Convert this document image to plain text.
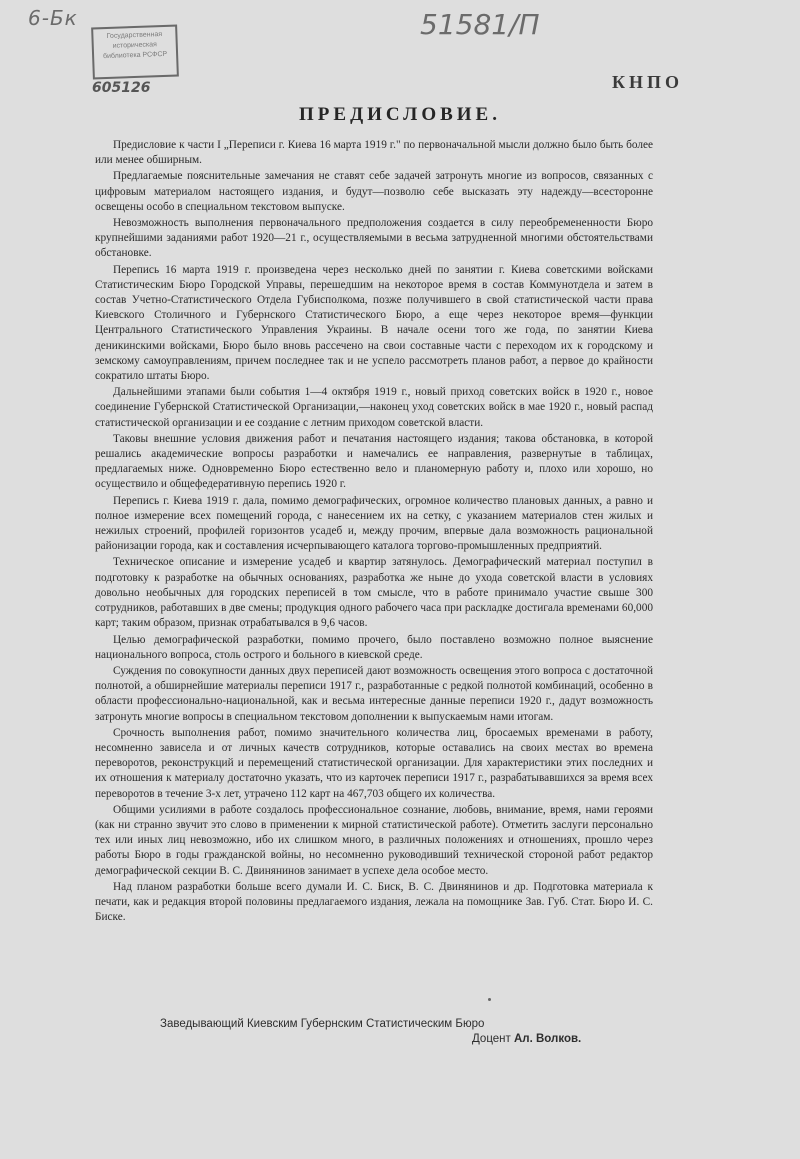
6-Бк	51581/П
Государственная историческая библиотека РСФСР
605126	КНПО
ПРЕДИСЛОВИЕ.

Предисловие к части I „Переписи г. Киева 16 марта 1919 г." по первоначальной мысли должно было быть более или менее обширным.

Предлагаемые пояснительные замечания не ставят себе задачей затронуть многие из вопросов, связанных с цифровым материалом настоящего издания, и будут—позволю себе высказать эту надежду—всесторонне освещены особо в специальном текстовом выпуске.

Невозможность выполнения первоначального предположения создается в силу переобремененности Бюро крупнейшими заданиями работ 1920—21 г., осуществляемыми в весьма затрудненной многими обстоятельствами обстановке.

Перепись 16 марта 1919 г. произведена через несколько дней по занятии г. Киева советскими войсками Статистическим Бюро Городской Управы, перешедшим на некоторое время в состав Коммунотдела и затем в состав Учетно-Статистического Отдела Губисполкома, позже получившего в свой статистической части права Киевского Столичного и Губернского Статистического Бюро, а еще через некоторое время—функции Центрального Статистического Управления Украины. В начале осени того же года, по занятии Киева деникинскими войсками, Бюро было вновь рассечено на свои составные части с переходом их к городскому и земскому самоуправлениям, причем последнее так и не успело рассмотреть планов работ, а первое до крайности сократило штаты Бюро.

Дальнейшими этапами были события 1—4 октября 1919 г., новый приход советских войск в 1920 г., новое соединение Губернской Статистической Организации,—наконец уход советских войск в мае 1920 г., новый распад статистической организации и ее создание с летним приходом советской власти.

Таковы внешние условия движения работ и печатания настоящего издания; такова обстановка, в которой решались академические вопросы разработки и намечались ее направления, развернутые в таблицах, предлагаемых ниже. Одновременно Бюро естественно вело и планомерную работу и, плохо или хорошо, но осуществило и общефедеративную перепись 1920 г.

Перепись г. Киева 1919 г. дала, помимо демографических, огромное количество плановых данных, а равно и полное измерение всех помещений города, с нанесением их на сетку, с указанием материалов стен жилых и нежилых строений, профилей горизонтов усадеб и, между прочим, впервые дала возможность рациональной районизации города, как и составления исчерпывающего каталога торгово-промышленных предприятий.

Техническое описание и измерение усадеб и квартир затянулось. Демографический материал поступил в подготовку к разработке на обычных основаниях, разработка же ныне до ухода советской власти в условиях довольно необычных для городских переписей в том смысле, что в работе принимало участие свыше 300 сотрудников, работавших в две смены; продукция одного рабочего часа при раскладке достигала временами 60,000 карт; таким образом, признак отрабатывался в 9,6 часов.

Целью демографической разработки, помимо прочего, было поставлено возможно полное выяснение национального вопроса, столь острого и больного в киевской среде.

Суждения по совокупности данных двух переписей дают возможность освещения этого вопроса с достаточной полнотой, а обширнейшие материалы переписи 1917 г., разработанные с редкой полнотой комбинаций, особенно в области профессионально-национальной, как и весьма интересные данные переписи 1920 г., дадут возможность затронуть многие вопросы в специальном текстовом дополнении к выпускаемым нами итогам.

Срочность выполнения работ, помимо значительного количества лиц, бросаемых временами в работу, несомненно зависела и от личных качеств сотрудников, которые оставались на своих местах во времена переворотов, реконструкций и перемещений статистической организации. Для характеристики этих последних и их отношения к материалу достаточно указать, что из карточек переписи 1917 г., разрабатывавшихся за время всех переворотов в течение 3-х лет, утрачено 112 карт на 467,703 общего их количества.

Общими усилиями в работе создалось профессиональное сознание, любовь, внимание, время, нами героями (как ни странно звучит это слово в применении к мирной статистической работе). Отметить заслуги персонально тех или иных лиц невозможно, ибо их слишком много, в различных положениях и отношениях, прошло через работы Бюро в годы гражданской войны, но несомненно руководивший технической стороной работ редактор демографической секции В. С. Двинянинов занимает в успехе дела особое место.

Над планом разработки больше всего думали И. С. Биск, В. С. Двинянинов и др. Подготовка материала к печати, как и редакция второй половины предлагаемого издания, лежала на помощнике Зав. Губ. Стат. Бюро И. С. Биске.

Заведывающий Киевским Губернским Статистическим Бюро
Доцент Ал. Волков.
